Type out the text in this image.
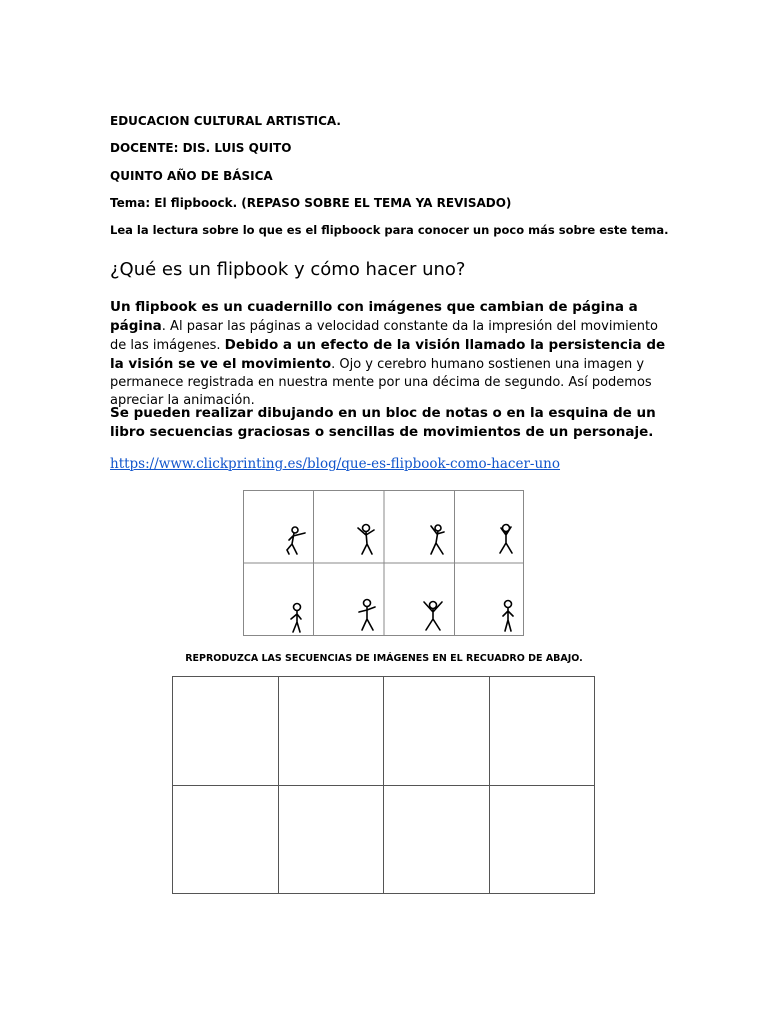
EDUCACION CULTURAL ARTISTICA.
DOCENTE: DIS. LUIS QUITO
QUINTO AÑO DE BÁSICA
Tema: El flipboock. (REPASO SOBRE EL TEMA YA REVISADO)
Lea la lectura sobre lo que es el flipboock para conocer un poco más sobre este tema.
¿Qué es un flipbook y cómo hacer uno?
Un flipbook es un cuadernillo con imágenes que cambian de página a página. Al pasar las páginas a velocidad constante da la impresión del movimiento de las imágenes. Debido a un efecto de la visión llamado la persistencia de la visión se ve el movimiento. Ojo y cerebro humano sostienen una imagen y permanece registrada en nuestra mente por una décima de segundo. Así podemos apreciar la animación.
Se pueden realizar dibujando en un bloc de notas o en la esquina de un libro secuencias graciosas o sencillas de movimientos de un personaje.
https://www.clickprinting.es/blog/que-es-flipbook-como-hacer-uno
REPRODUZCA LAS SECUENCIAS DE IMÁGENES EN EL RECUADRO DE ABAJO.
